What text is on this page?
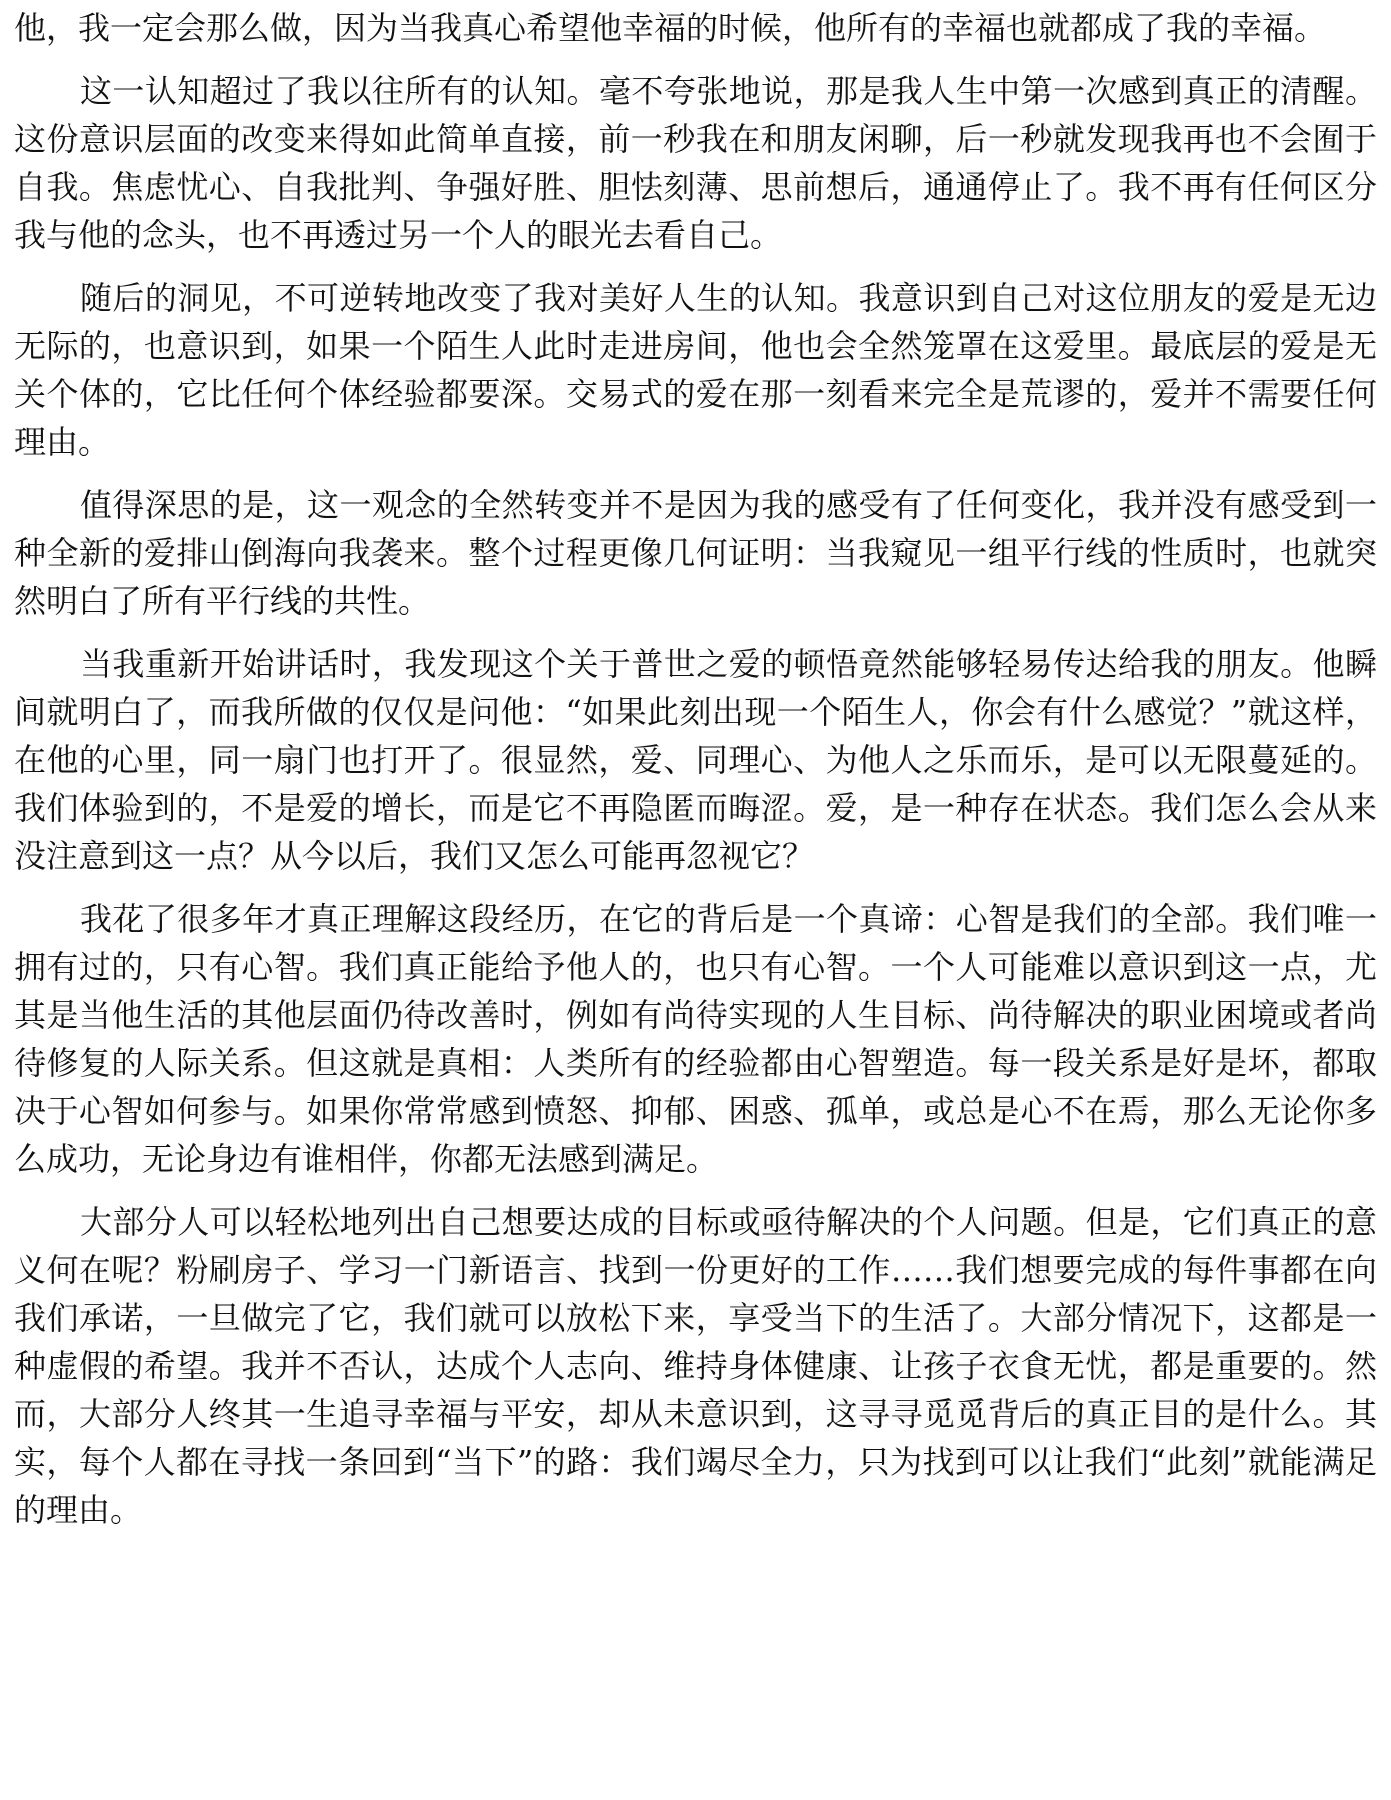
他，我一定会那么做，因为当我真心希望他幸福的时候，他所有的幸福也就都成了我的幸福。

这一认知超过了我以往所有的认知。毫不夸张地说，那是我人生中第一次感到真正的清醒。这份意识层面的改变来得如此简单直接，前一秒我在和朋友闲聊，后一秒就发现我再也不会囿于自我。焦虑忧心、自我批判、争强好胜、胆怯刻薄、思前想后，通通停止了。我不再有任何区分我与他的念头，也不再透过另一个人的眼光去看自己。

随后的洞见，不可逆转地改变了我对美好人生的认知。我意识到自己对这位朋友的爱是无边无际的，也意识到，如果一个陌生人此时走进房间，他也会全然笼罩在这爱里。最底层的爱是无关个体的，它比任何个体经验都要深。交易式的爱在那一刻看来完全是荒谬的，爱并不需要任何理由。

值得深思的是，这一观念的全然转变并不是因为我的感受有了任何变化，我并没有感受到一种全新的爱排山倒海向我袭来。整个过程更像几何证明：当我窥见一组平行线的性质时，也就突然明白了所有平行线的共性。

当我重新开始讲话时，我发现这个关于普世之爱的顿悟竟然能够轻易传达给我的朋友。他瞬间就明白了，而我所做的仅仅是问他：“如果此刻出现一个陌生人，你会有什么感觉？”就这样，在他的心里，同一扇门也打开了。很显然，爱、同理心、为他人之乐而乐，是可以无限蔓延的。我们体验到的，不是爱的增长，而是它不再隐匿而晦涩。爱，是一种存在状态。我们怎么会从来没注意到这一点？从今以后，我们又怎么可能再忽视它？

我花了很多年才真正理解这段经历，在它的背后是一个真谛：心智是我们的全部。我们唯一拥有过的，只有心智。我们真正能给予他人的，也只有心智。一个人可能难以意识到这一点，尤其是当他生活的其他层面仍待改善时，例如有尚待实现的人生目标、尚待解决的职业困境或者尚待修复的人际关系。但这就是真相：人类所有的经验都由心智塑造。每一段关系是好是坏，都取决于心智如何参与。如果你常常感到愤怒、抑郁、困惑、孤单，或总是心不在焉，那么无论你多么成功，无论身边有谁相伴，你都无法感到满足。

大部分人可以轻松地列出自己想要达成的目标或亟待解决的个人问题。但是，它们真正的意义何在呢？粉刷房子、学习一门新语言、找到一份更好的工作……我们想要完成的每件事都在向我们承诺，一旦做完了它，我们就可以放松下来，享受当下的生活了。大部分情况下，这都是一种虚假的希望。我并不否认，达成个人志向、维持身体健康、让孩子衣食无忧，都是重要的。然而，大部分人终其一生追寻幸福与平安，却从未意识到，这寻寻觅觅背后的真正目的是什么。其实，每个人都在寻找一条回到“当下”的路：我们竭尽全力，只为找到可以让我们“此刻”就能满足的理由。
